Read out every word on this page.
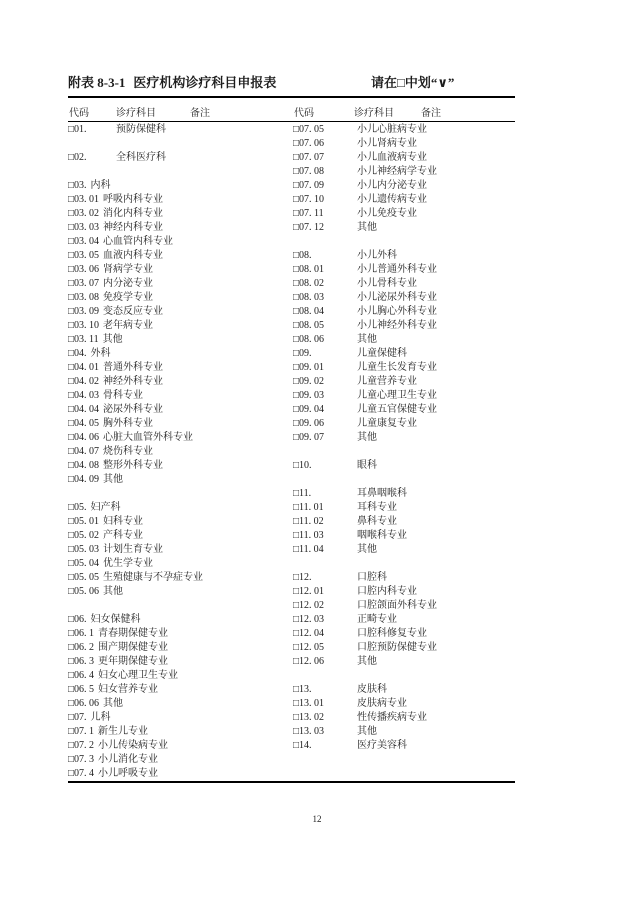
附表 8-3-1 医疗机构诊疗科目申报表	请在□中划“∨”
代码	诊疗科目	备注	代码	诊疗科目	备注
□01.	预防保健科
□02.	全科医疗科
□03. 内科
□03. 01 呼吸内科专业
□03. 02 消化内科专业
□03. 03 神经内科专业
□03. 04 心血管内科专业
□03. 05 血液内科专业
□03. 06 肾病学专业
□03. 07 内分泌专业
□03. 08 免疫学专业
□03. 09 变态反应专业
□03. 10 老年病专业
□03. 11 其他
□04. 外科
□04. 01 普通外科专业
□04. 02 神经外科专业
□04. 03 骨科专业
□04. 04 泌尿外科专业
□04. 05 胸外科专业
□04. 06 心脏大血管外科专业
□04. 07 烧伤科专业
□04. 08 整形外科专业
□04. 09 其他
□05. 妇产科
□05. 01 妇科专业
□05. 02 产科专业
□05. 03 计划生育专业
□05. 04 优生学专业
□05. 05 生殖健康与不孕症专业
□05. 06 其他
□06. 妇女保健科
□06. 1 青春期保健专业
□06. 2 围产期保健专业
□06. 3 更年期保健专业
□06. 4 妇女心理卫生专业
□06. 5 妇女营养专业
□06. 06 其他
□07. 儿科
□07. 1 新生儿专业
□07. 2 小儿传染病专业
□07. 3 小儿消化专业
□07. 4 小儿呼吸专业
□07. 05	小儿心脏病专业
□07. 06	小儿肾病专业
□07. 07	小儿血液病专业
□07. 08	小儿神经病学专业
□07. 09	小儿内分泌专业
□07. 10	小儿遗传病专业
□07. 11	小儿免疫专业
□07. 12	其他
□08.	小儿外科
□08. 01	小儿普通外科专业
□08. 02	小儿骨科专业
□08. 03	小儿泌尿外科专业
□08. 04	小儿胸心外科专业
□08. 05	小儿神经外科专业
□08. 06	其他
□09.	儿童保健科
□09. 01	儿童生长发育专业
□09. 02	儿童营养专业
□09. 03	儿童心理卫生专业
□09. 04	儿童五官保健专业
□09. 06	儿童康复专业
□09. 07	其他
□10.	眼科
□11.	耳鼻咽喉科
□11. 01	耳科专业
□11. 02	鼻科专业
□11. 03	咽喉科专业
□11. 04	其他
□12.	口腔科
□12. 01	口腔内科专业
□12. 02	口腔颌面外科专业
□12. 03	正畸专业
□12. 04	口腔科修复专业
□12. 05	口腔预防保健专业
□12. 06	其他
□13.	皮肤科
□13. 01	皮肤病专业
□13. 02	性传播疾病专业
□13. 03	其他
□14.	医疗美容科
12
